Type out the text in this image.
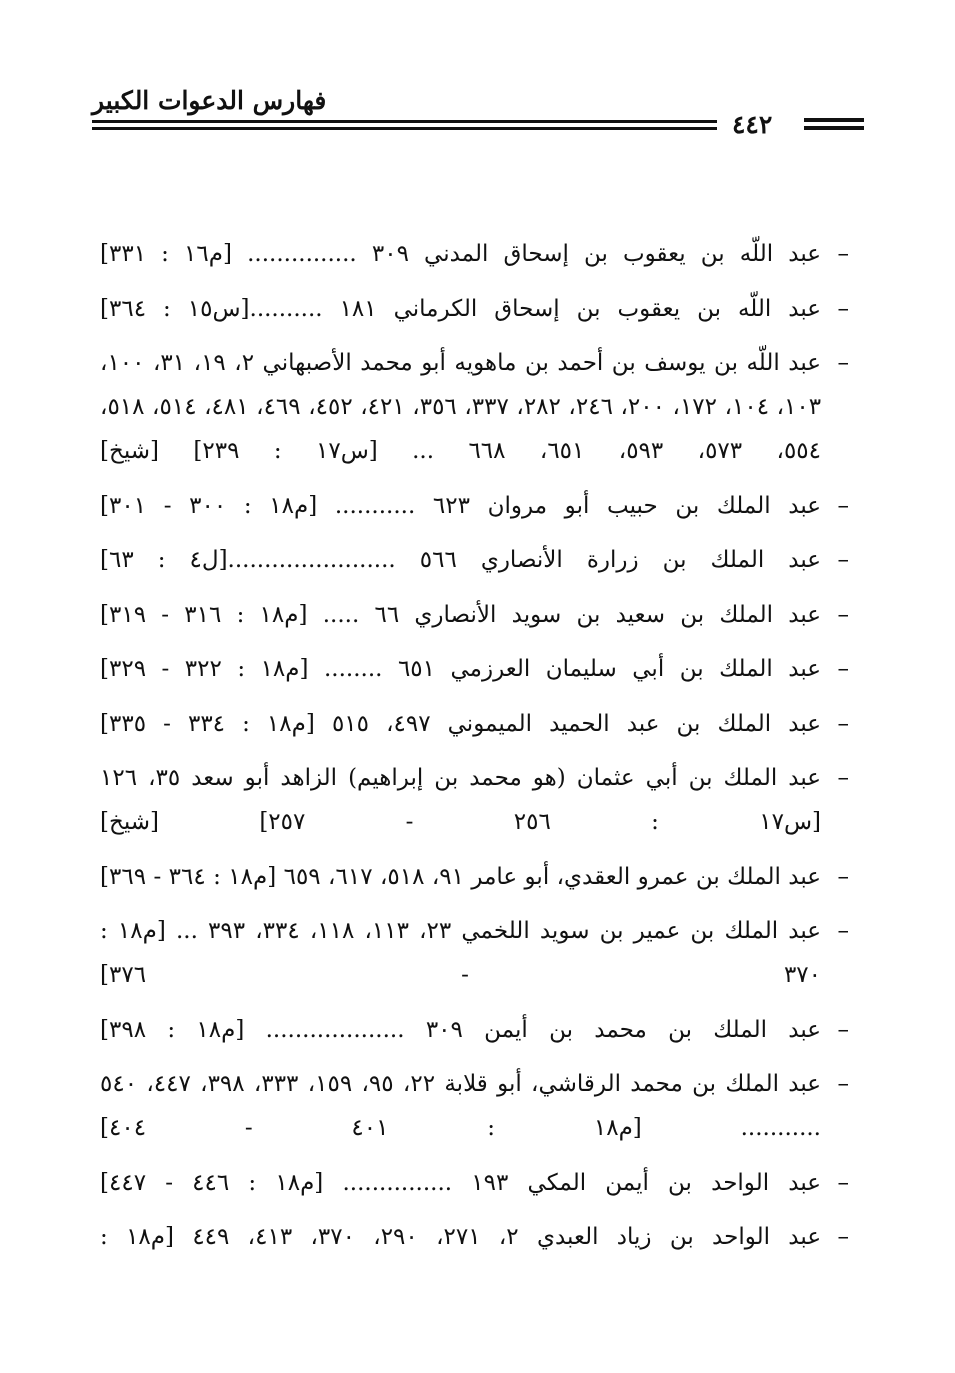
فهارس الدعوات الكبير
٤٤٢
–
عبد اللّه بن يعقوب بن إسحاق المدني ٣٠٩ ............... [م١٦ : ٣٣١]
–
عبد اللّه بن يعقوب بن إسحاق الكرماني ١٨١ ..........[س١٥ : ٣٦٤]
–
عبد اللّه بن يوسف بن أحمد بن ماهويه أبو محمد الأصبهاني ٢، ١٩، ٣١، ١٠٠، ١٠٣، ١٠٤، ١٧٢، ٢٠٠، ٢٤٦، ٢٨٢، ٣٣٧، ٣٥٦، ٤٢١، ٤٥٢، ٤٦٩، ٤٨١، ٥١٤، ٥١٨، ٥٥٤، ٥٧٣، ٥٩٣، ٦٥١، ٦٦٨ ... [س١٧ : ٢٣٩] [شيخ]
–
عبد الملك بن حبيب أبو مروان ٦٢٣ ........... [م١٨ : ٣٠٠ - ٣٠١]
–
عبد الملك بن زرارة الأنصاري ٥٦٦ .......................[ل٤ : ٦٣]
–
عبد الملك بن سعيد بن سويد الأنصاري ٦٦ ..... [م١٨ : ٣١٦ - ٣١٩]
–
عبد الملك بن أبي سليمان العرزمي ٦٥١ ........ [م١٨ : ٣٢٢ - ٣٢٩]
–
عبد الملك بن عبد الحميد الميموني ٤٩٧، ٥١٥ [م١٨ : ٣٣٤ - ٣٣٥]
–
عبد الملك بن أبي عثمان (هو محمد بن إبراهيم) الزاهد أبو سعد ٣٥، ١٢٦ [س١٧ : ٢٥٦ - ٢٥٧] [شيخ]
–
عبد الملك بن عمرو العقدي، أبو عامر ٩١، ٥١٨، ٦١٧، ٦٥٩ [م١٨ : ٣٦٤ - ٣٦٩]
–
عبد الملك بن عمير بن سويد اللخمي ٢٣، ١١٣، ١١٨، ٣٣٤، ٣٩٣ ... [م١٨ : ٣٧٠ - ٣٧٦]
–
عبد الملك بن محمد بن أيمن ٣٠٩ ................... [م١٨ : ٣٩٨]
–
عبد الملك بن محمد الرقاشي، أبو قلابة ٢٢، ٩٥، ١٥٩، ٣٣٣، ٣٩٨، ٤٤٧، ٥٤٠ ........... [م١٨ : ٤٠١ - ٤٠٤]
–
عبد الواحد بن أيمن المكي ١٩٣ ............... [م١٨ : ٤٤٦ - ٤٤٧]
–
عبد الواحد بن زياد العبدي ٢، ٢٧١، ٢٩٠، ٣٧٠، ٤١٣، ٤٤٩ [م١٨ :
